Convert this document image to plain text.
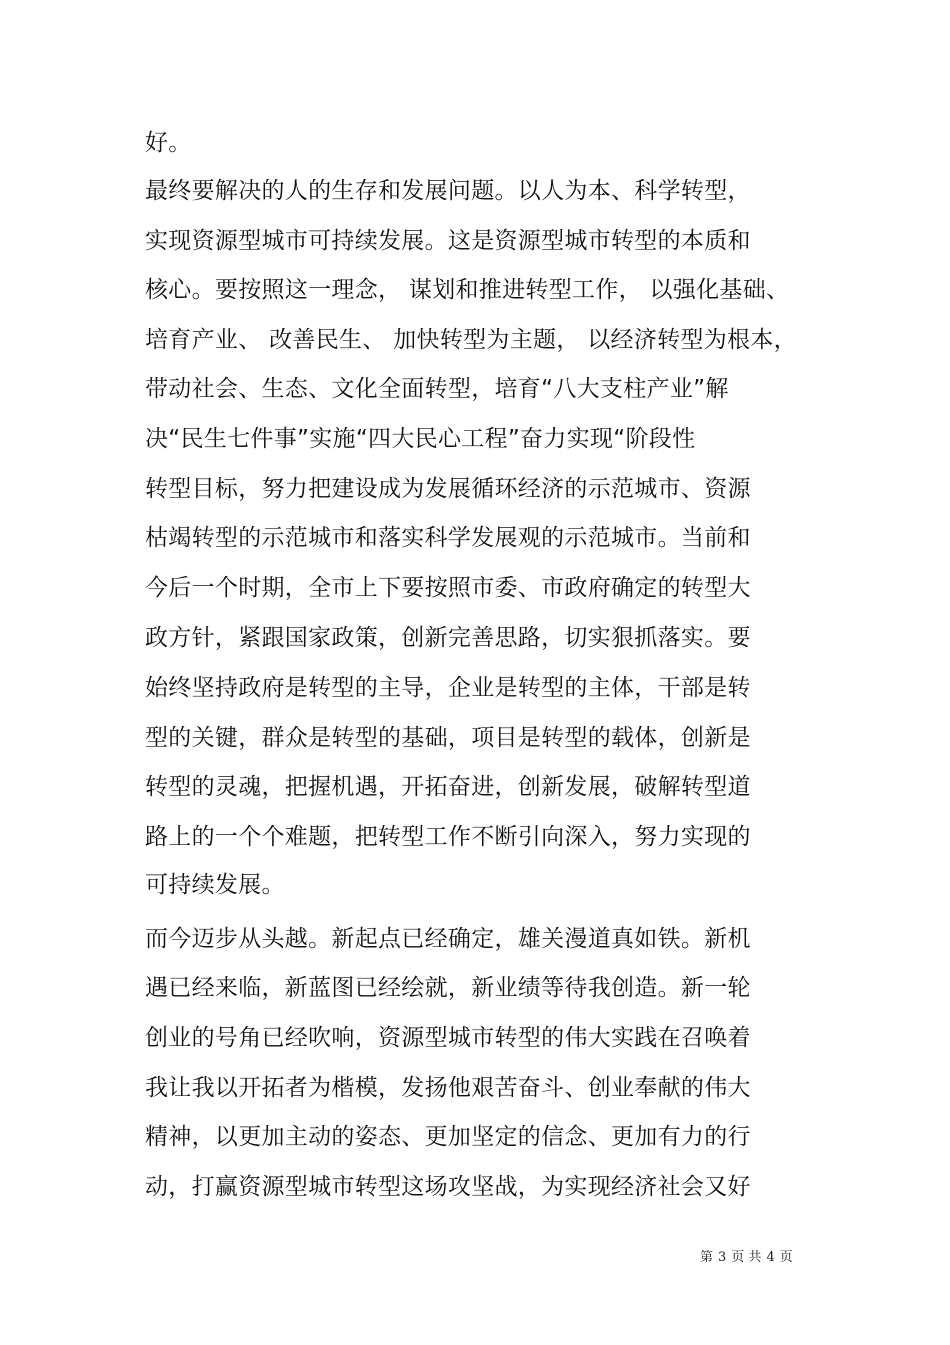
好。
最终要解决的人的生存和发展问题。以人为本、科学转型，
实现资源型城市可持续发展。这是资源型城市转型的本质和
核心。要按照这一理念， 谋划和推进转型工作， 以强化基础、
培育产业、 改善民生、 加快转型为主题， 以经济转型为根本，
带动社会、生态、文化全面转型，培育“八大支柱产业”解
决“民生七件事”实施“四大民心工程”奋力实现“阶段性
转型目标，努力把建设成为发展循环经济的示范城市、资源
枯竭转型的示范城市和落实科学发展观的示范城市。当前和
今后一个时期，全市上下要按照市委、市政府确定的转型大
政方针，紧跟国家政策，创新完善思路，切实狠抓落实。要
始终坚持政府是转型的主导，企业是转型的主体，干部是转
型的关键，群众是转型的基础，项目是转型的载体，创新是
转型的灵魂，把握机遇，开拓奋进，创新发展，破解转型道
路上的一个个难题，把转型工作不断引向深入，努力实现的
可持续发展。
而今迈步从头越。新起点已经确定，雄关漫道真如铁。新机
遇已经来临，新蓝图已经绘就，新业绩等待我创造。新一轮
创业的号角已经吹响，资源型城市转型的伟大实践在召唤着
我让我以开拓者为楷模，发扬他艰苦奋斗、创业奉献的伟大
精神，以更加主动的姿态、更加坚定的信念、更加有力的行
动，打赢资源型城市转型这场攻坚战，为实现经济社会又好
第 3 页 共 4 页
